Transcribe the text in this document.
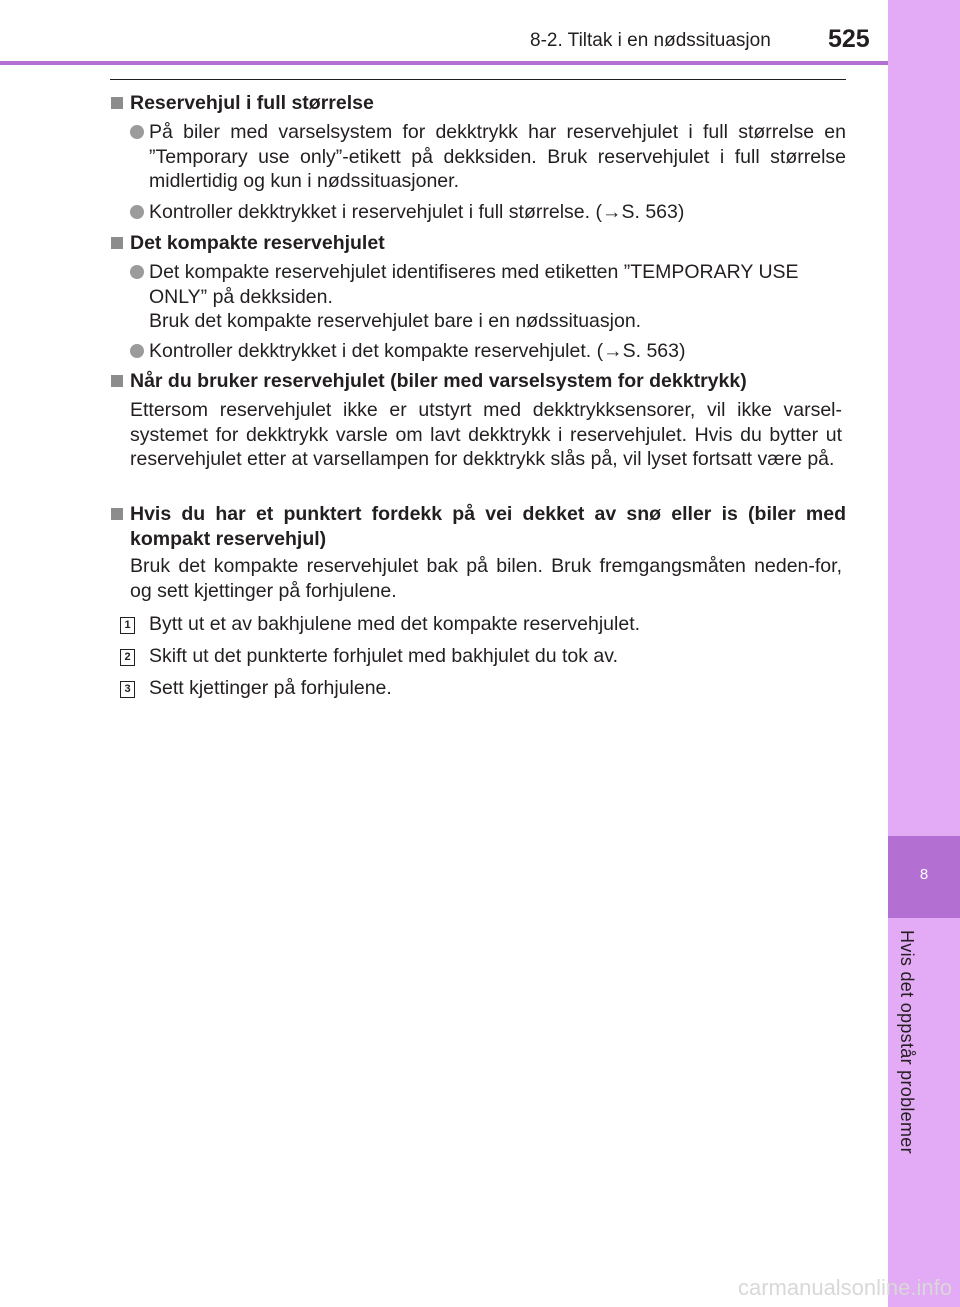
8-2. Tiltak i en nødssituasjon 525
8
Hvis det oppstår problemer
Reservehjul i full størrelse
På biler med varselsystem for dekktrykk har reservehjulet i full størrelse en ”Temporary use only”-etikett på dekksiden. Bruk reservehjulet i full størrelse midlertidig og kun i nødssituasjoner.
Kontroller dekktrykket i reservehjulet i full størrelse. (→S. 563)
Det kompakte reservehjulet
Det kompakte reservehjulet identifiseres med etiketten ”TEMPORARY USE ONLY” på dekksiden.
Bruk det kompakte reservehjulet bare i en nødssituasjon.
Kontroller dekktrykket i det kompakte reservehjulet. (→S. 563)
Når du bruker reservehjulet (biler med varselsystem for dekktrykk)
Ettersom reservehjulet ikke er utstyrt med dekktrykksensorer, vil ikke varsel-systemet for dekktrykk varsle om lavt dekktrykk i reservehjulet. Hvis du bytter ut reservehjulet etter at varsellampen for dekktrykk slås på, vil lyset fortsatt være på.
Hvis du har et punktert fordekk på vei dekket av snø eller is (biler med kompakt reservehjul)
Bruk det kompakte reservehjulet bak på bilen. Bruk fremgangsmåten neden-for, og sett kjettinger på forhjulene.
1 Bytt ut et av bakhjulene med det kompakte reservehjulet.
2 Skift ut det punkterte forhjulet med bakhjulet du tok av.
3 Sett kjettinger på forhjulene.
carmanualsonline.info
